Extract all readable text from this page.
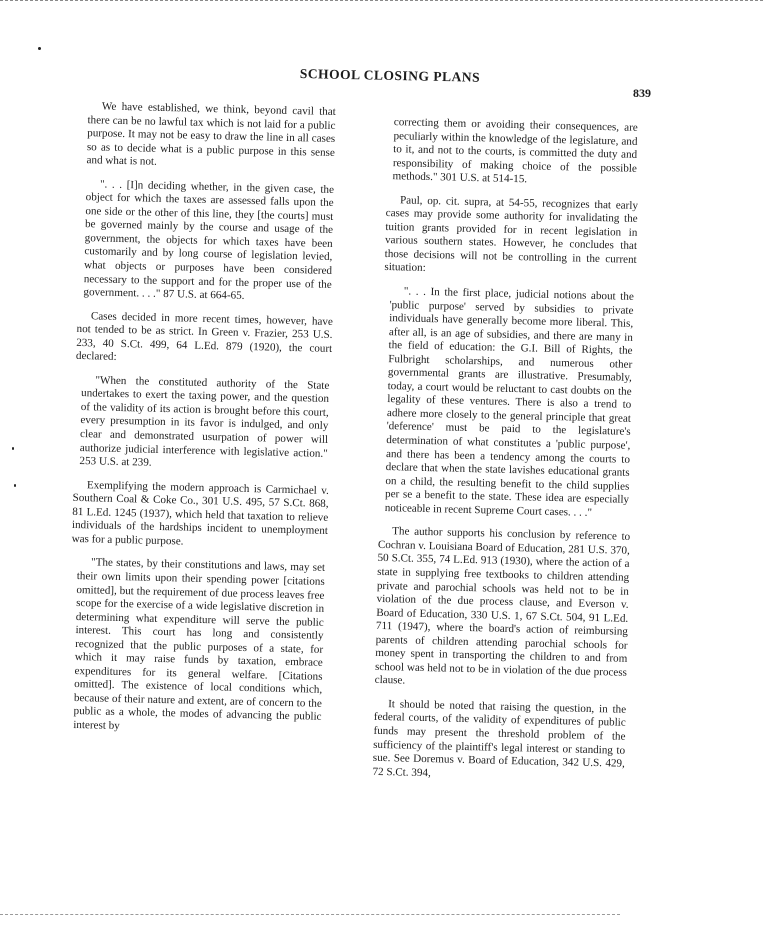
SCHOOL CLOSING PLANS
839

We have established, we think, beyond cavil that there can be no lawful tax which is not laid for a public purpose. It may not be easy to draw the line in all cases so as to decide what is a public purpose in this sense and what is not.

". . . [I]n deciding whether, in the given case, the object for which the taxes are assessed falls upon the one side or the other of this line, they [the courts] must be governed mainly by the course and usage of the government, the objects for which taxes have been customarily and by long course of legislation levied, what objects or purposes have been considered necessary to the support and for the proper use of the government. . . ." 87 U.S. at 664-65.

Cases decided in more recent times, however, have not tended to be as strict. In Green v. Frazier, 253 U.S. 233, 40 S.Ct. 499, 64 L.Ed. 879 (1920), the court declared:

"When the constituted authority of the State undertakes to exert the taxing power, and the question of the validity of its action is brought before this court, every presumption in its favor is indulged, and only clear and demonstrated usurpation of power will authorize judicial interference with legislative action." 253 U.S. at 239.

Exemplifying the modern approach is Carmichael v. Southern Coal & Coke Co., 301 U.S. 495, 57 S.Ct. 868, 81 L.Ed. 1245 (1937), which held that taxation to relieve individuals of the hardships incident to unemployment was for a public purpose.

"The states, by their constitutions and laws, may set their own limits upon their spending power [citations omitted], but the requirement of due process leaves free scope for the exercise of a wide legislative discretion in determining what expenditure will serve the public interest. This court has long and consistently recognized that the public purposes of a state, for which it may raise funds by taxation, embrace expenditures for its general welfare. [Citations omitted]. The existence of local conditions which, because of their nature and extent, are of concern to the public as a whole, the modes of advancing the public interest by

correcting them or avoiding their consequences, are peculiarly within the knowledge of the legislature, and to it, and not to the courts, is committed the duty and responsibility of making choice of the possible methods." 301 U.S. at 514-15.

Paul, op. cit. supra, at 54-55, recognizes that early cases may provide some authority for invalidating the tuition grants provided for in recent legislation in various southern states. However, he concludes that those decisions will not be controlling in the current situation:

". . . In the first place, judicial notions about the 'public purpose' served by subsidies to private individuals have generally become more liberal. This, after all, is an age of subsidies, and there are many in the field of education: the G.I. Bill of Rights, the Fulbright scholarships, and numerous other governmental grants are illustrative. Presumably, today, a court would be reluctant to cast doubts on the legality of these ventures. There is also a trend to adhere more closely to the general principle that great 'deference' must be paid to the legislature's determination of what constitutes a 'public purpose', and there has been a tendency among the courts to declare that when the state lavishes educational grants on a child, the resulting benefit to the child supplies per se a benefit to the state. These idea are especially noticeable in recent Supreme Court cases. . . ."

The author supports his conclusion by reference to Cochran v. Louisiana Board of Education, 281 U.S. 370, 50 S.Ct. 355, 74 L.Ed. 913 (1930), where the action of a state in supplying free textbooks to children attending private and parochial schools was held not to be in violation of the due process clause, and Everson v. Board of Education, 330 U.S. 1, 67 S.Ct. 504, 91 L.Ed. 711 (1947), where the board's action of reimbursing parents of children attending parochial schools for money spent in transporting the children to and from school was held not to be in violation of the due process clause.

It should be noted that raising the question, in the federal courts, of the validity of expenditures of public funds may present the threshold problem of the sufficiency of the plaintiff's legal interest or standing to sue. See Doremus v. Board of Education, 342 U.S. 429, 72 S.Ct. 394,
